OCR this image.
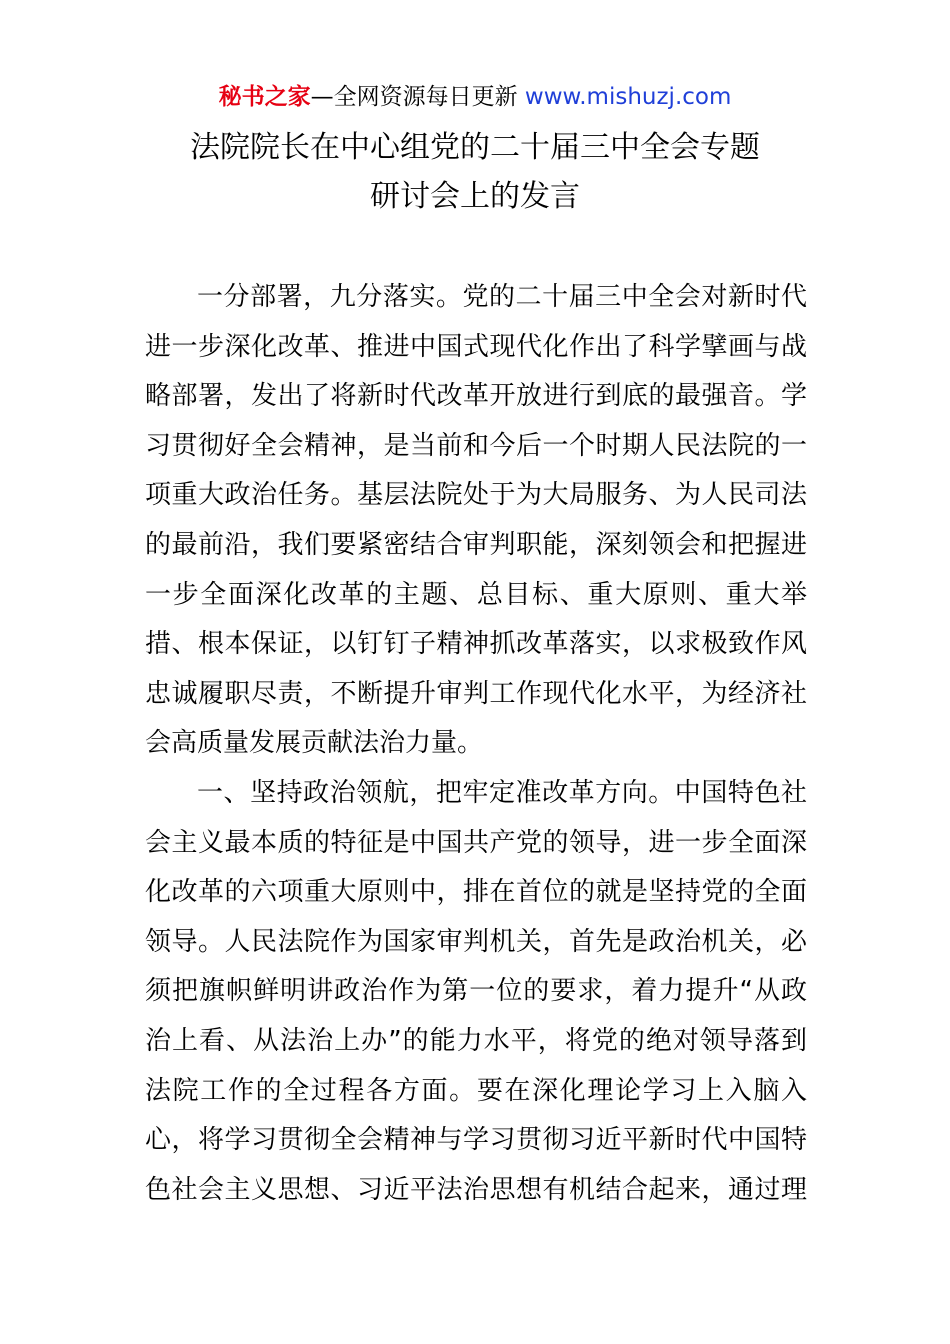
秘书之家—全网资源每日更新 www.mishuzj.com
法院院长在中心组党的二十届三中全会专题
研讨会上的发言
一分部署，九分落实。党的二十届三中全会对新时代
进一步深化改革、推进中国式现代化作出了科学擘画与战
略部署，发出了将新时代改革开放进行到底的最强音。学
习贯彻好全会精神，是当前和今后一个时期人民法院的一
项重大政治任务。基层法院处于为大局服务、为人民司法
的最前沿，我们要紧密结合审判职能，深刻领会和把握进
一步全面深化改革的主题、总目标、重大原则、重大举
措、根本保证，以钉钉子精神抓改革落实，以求极致作风
忠诚履职尽责，不断提升审判工作现代化水平，为经济社
会高质量发展贡献法治力量。
一、坚持政治领航，把牢定准改革方向。中国特色社
会主义最本质的特征是中国共产党的领导，进一步全面深
化改革的六项重大原则中，排在首位的就是坚持党的全面
领导。人民法院作为国家审判机关，首先是政治机关，必
须把旗帜鲜明讲政治作为第一位的要求，着力提升“从政
治上看、从法治上办”的能力水平，将党的绝对领导落到
法院工作的全过程各方面。要在深化理论学习上入脑入
心，将学习贯彻全会精神与学习贯彻习近平新时代中国特
色社会主义思想、习近平法治思想有机结合起来，通过理
